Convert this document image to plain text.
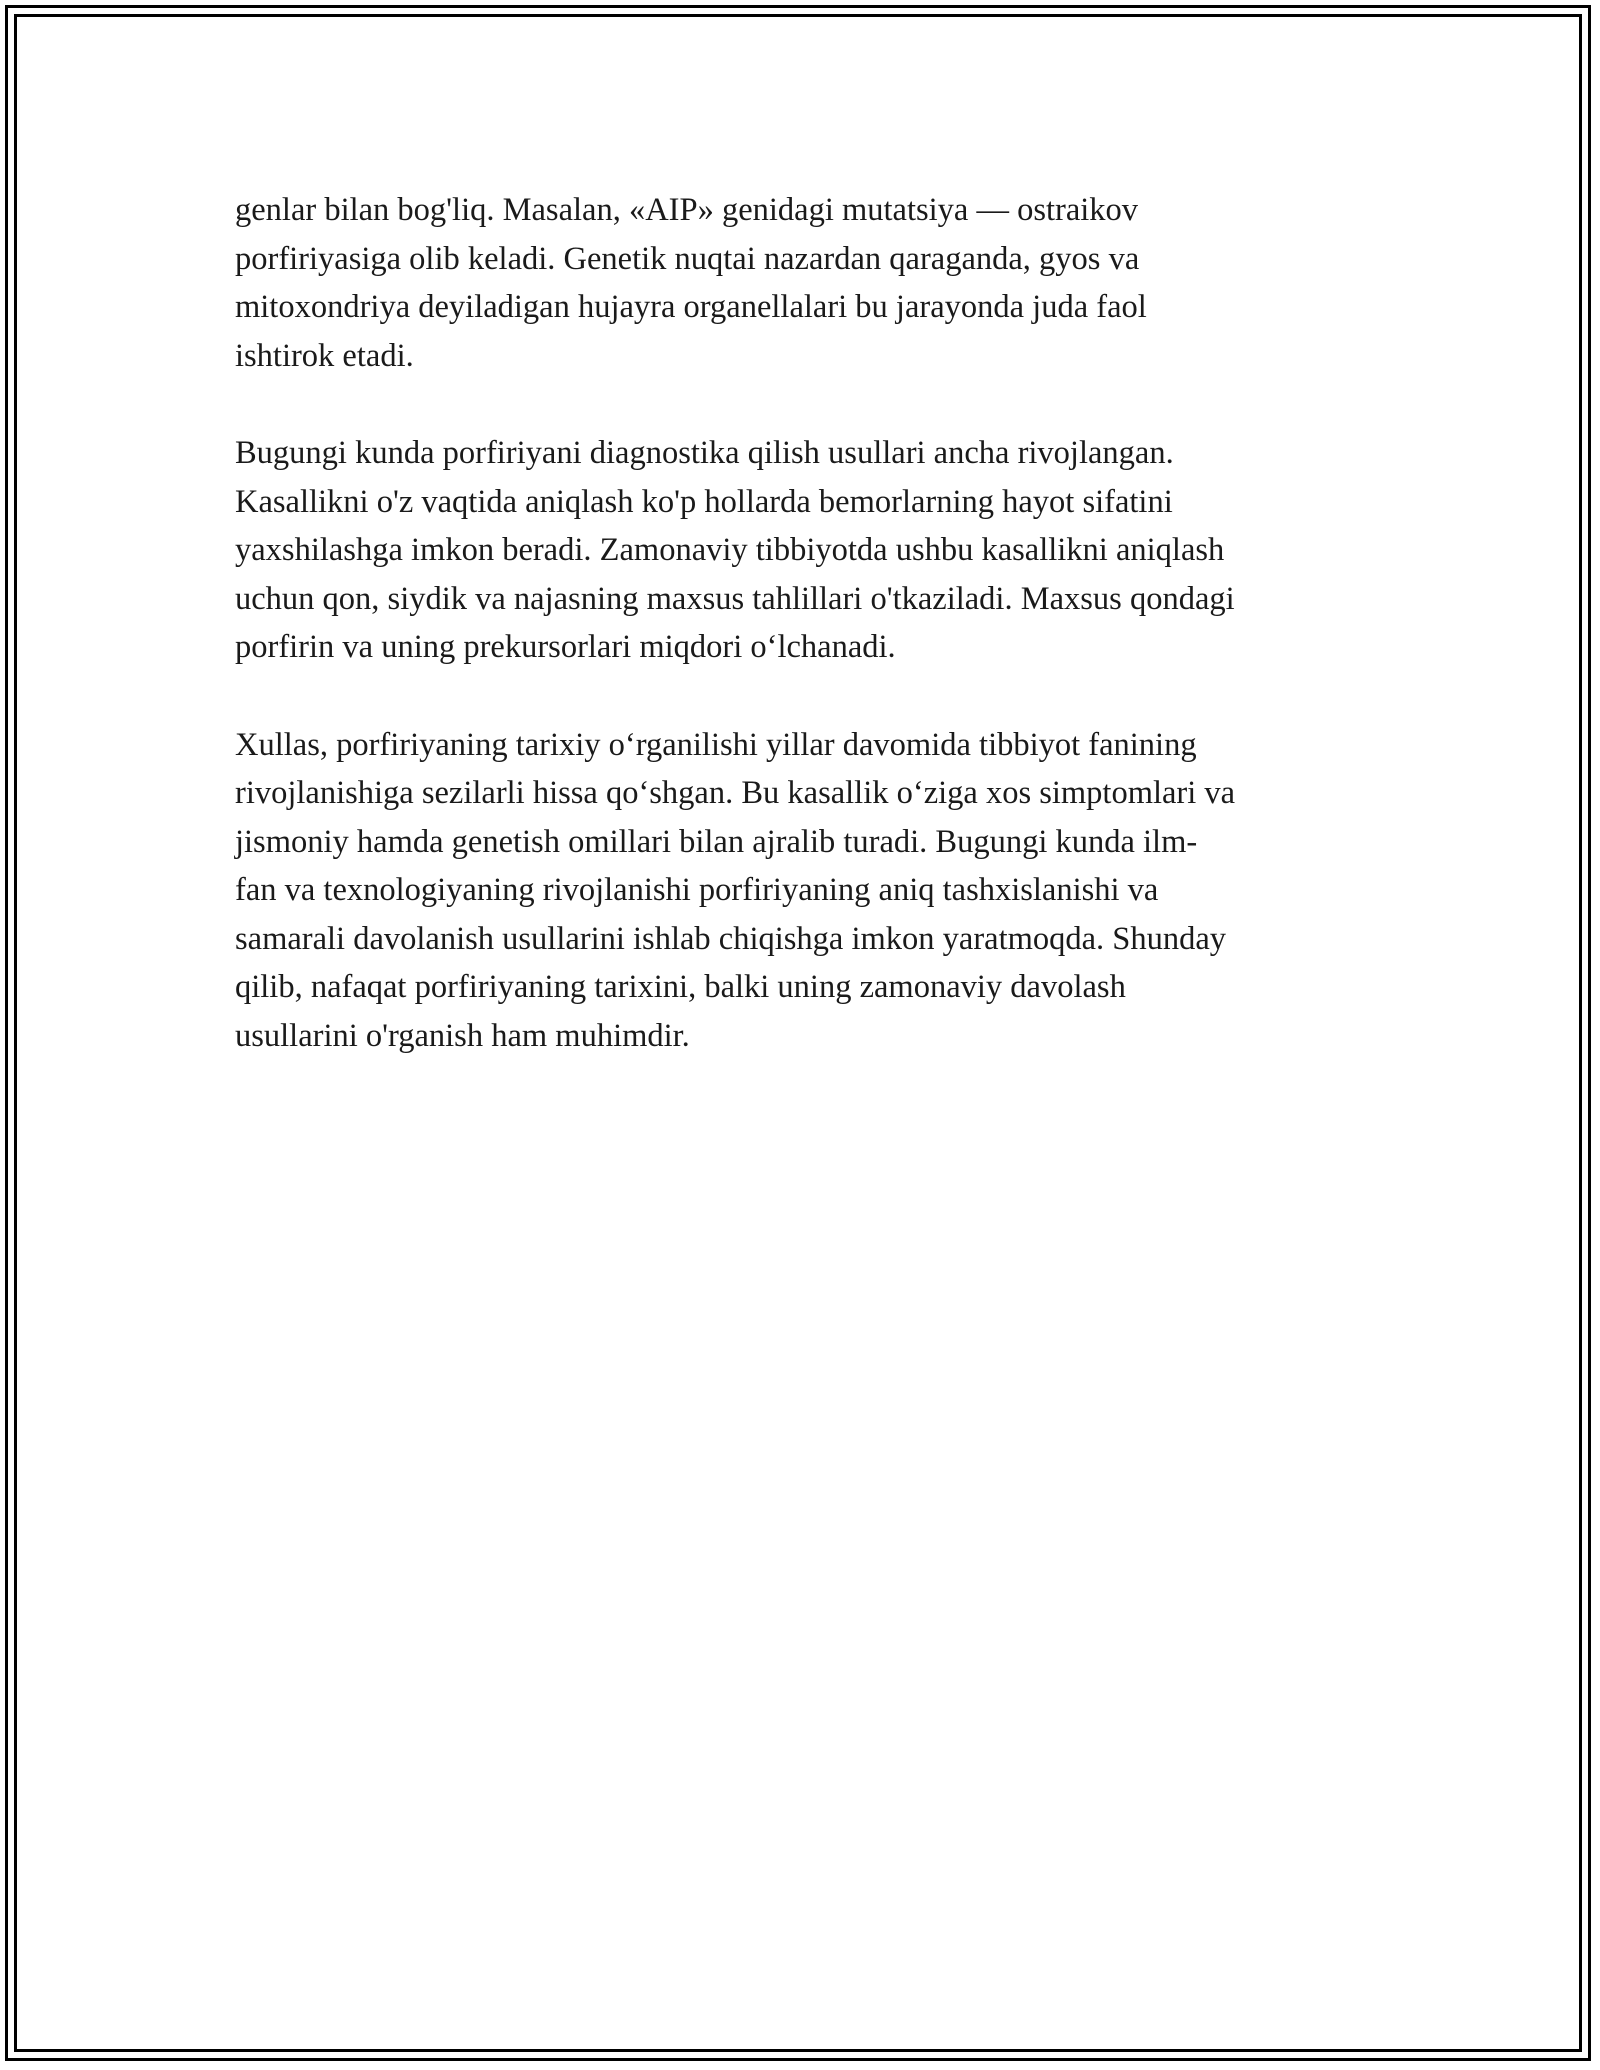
genlar bilan bog'liq. Masalan, «AIP» genidagi mutatsiya — ostraikov
porfiriyasiga olib keladi. Genetik nuqtai nazardan qaraganda, gyos va
mitoxondriya deyiladigan hujayra organellalari bu jarayonda juda faol
ishtirok etadi.

Bugungi kunda porfiriyani diagnostika qilish usullari ancha rivojlangan.
Kasallikni o'z vaqtida aniqlash ko'p hollarda bemorlarning hayot sifatini
yaxshilashga imkon beradi. Zamonaviy tibbiyotda ushbu kasallikni aniqlash
uchun qon, siydik va najasning maxsus tahlillari o'tkaziladi. Maxsus qondagi
porfirin va uning prekursorlari miqdori oʻlchanadi.

Xullas, porfiriyaning tarixiy oʻrganilishi yillar davomida tibbiyot fanining
rivojlanishiga sezilarli hissa qoʻshgan. Bu kasallik oʻziga xos simptomlari va
jismoniy hamda genetish omillari bilan ajralib turadi. Bugungi kunda ilm-
fan va texnologiyaning rivojlanishi porfiriyaning aniq tashxislanishi va
samarali davolanish usullarini ishlab chiqishga imkon yaratmoqda. Shunday
qilib, nafaqat porfiriyaning tarixini, balki uning zamonaviy davolash
usullarini o'rganish ham muhimdir.
